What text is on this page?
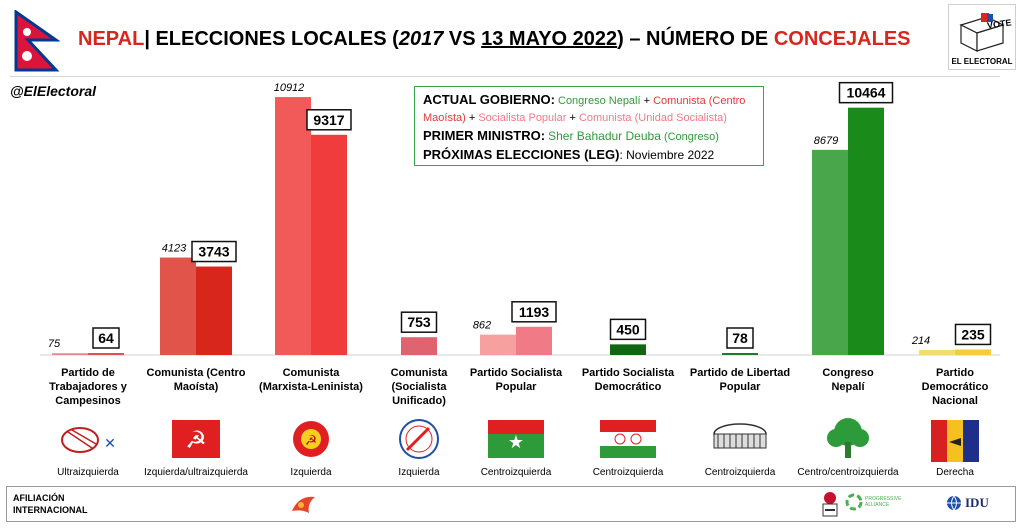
NEPAL| ELECCIONES LOCALES (2017 VS 13 MAYO 2022) – NÚMERO DE CONCEJALES
VOTE
EL ELECTORAL
@ElElectoral
75	64
4123 3743
10912
9317
753	862
1193
450
78
8679
10464
214 235
ACTUAL GOBIERNO: Congreso Nepalí + Comunista (Centro Maoísta) + Socialista Popular + Comunista (Unidad Socialista)
PRIMER MINISTRO: Sher Bahadur Deuba (Congreso)
PRÓXIMAS ELECCIONES (LEG): Noviembre 2022
Partido de
Trabajadores y
Campesinos
✕
Ultraizquierda
Comunista (Centro
Maoísta)
☭
Izquierda/ultraizquierda
Comunista
(Marxista-Leninista)
☭
Izquierda
Comunista
(Socialista
Unificado)
Izquierda
Partido Socialista
Popular
★
Centroizquierda
Partido Socialista
Democrático
Centroizquierda
Partido de Libertad
Popular
Centroizquierda
Congreso
Nepalí
Centro/centroizquierda
Partido
Democrático
Nacional
Derecha
AFILIACIÓN
INTERNACIONAL
PROGRESSIVE ALLIANCE	IDU
